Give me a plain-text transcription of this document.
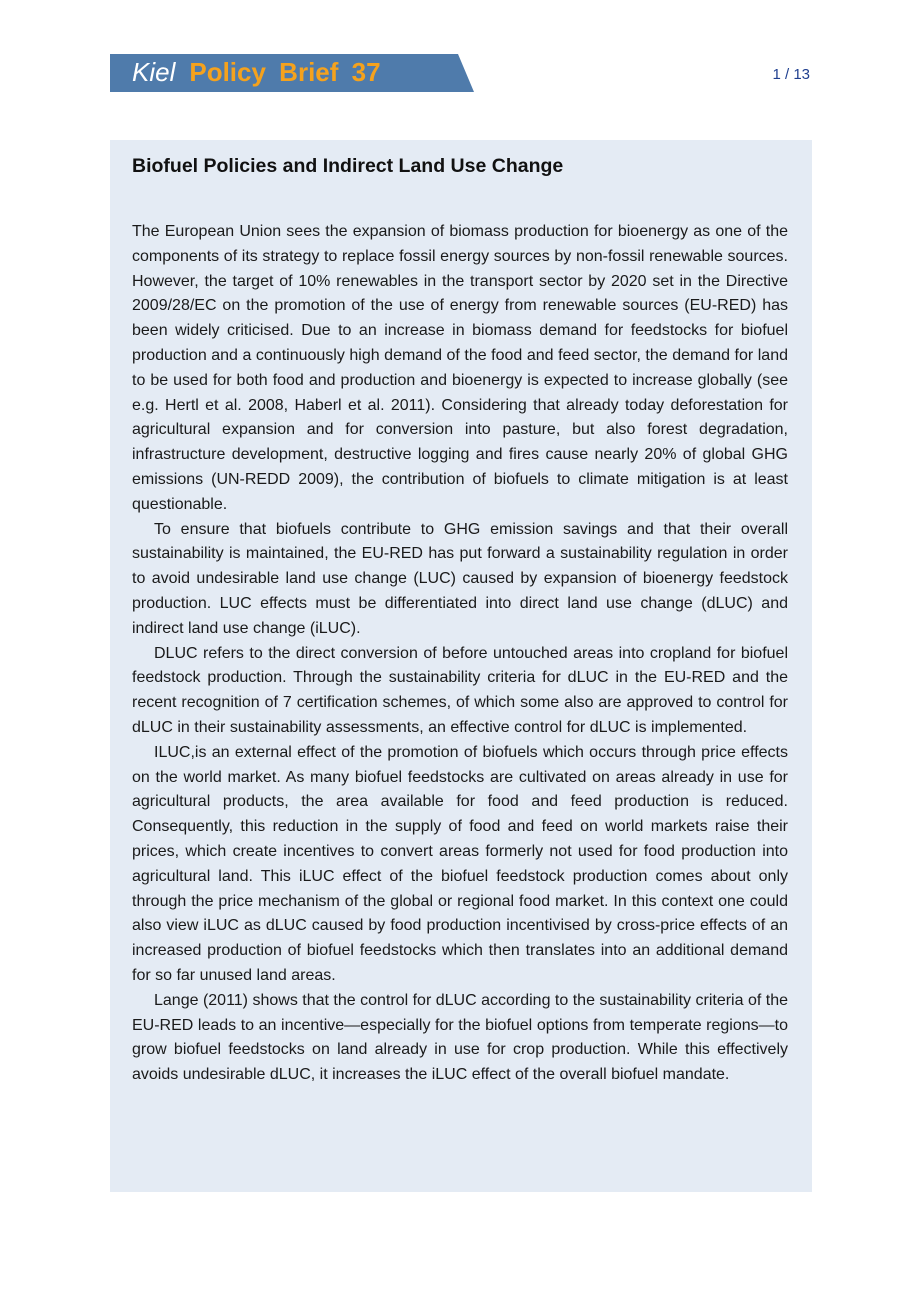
Kiel Policy Brief 37	1 / 13
Biofuel Policies and Indirect Land Use Change

The European Union sees the expansion of biomass production for bioenergy as one of the components of its strategy to replace fossil energy sources by non-fossil renewable sources. However, the target of 10% renewables in the transport sector by 2020 set in the Directive 2009/28/EC on the promotion of the use of energy from renewable sources (EU-RED) has been widely criticised. Due to an increase in biomass demand for feedstocks for biofuel production and a continuously high demand of the food and feed sector, the demand for land to be used for both food and production and bioenergy is expected to increase globally (see e.g. Hertl et al. 2008, Haberl et al. 2011). Considering that already today deforestation for agricultural expansion and for conversion into pasture, but also forest degradation, infrastructure development, destructive logging and fires cause nearly 20% of global GHG emissions (UN-REDD 2009), the contribution of biofuels to climate mitigation is at least questionable.

To ensure that biofuels contribute to GHG emission savings and that their overall sustainability is maintained, the EU-RED has put forward a sustainability regulation in order to avoid undesirable land use change (LUC) caused by expansion of bioenergy feedstock production. LUC effects must be differentiated into direct land use change (dLUC) and indirect land use change (iLUC).

DLUC refers to the direct conversion of before untouched areas into cropland for biofuel feedstock production. Through the sustainability criteria for dLUC in the EU-RED and the recent recognition of 7 certification schemes, of which some also are approved to control for dLUC in their sustainability assessments, an effective control for dLUC is implemented.

ILUC,is an external effect of the promotion of biofuels which occurs through price effects on the world market. As many biofuel feedstocks are cultivated on areas already in use for agricultural products, the area available for food and feed production is reduced. Consequently, this reduction in the supply of food and feed on world markets raise their prices, which create incentives to convert areas formerly not used for food production into agricultural land. This iLUC effect of the biofuel feedstock production comes about only through the price mechanism of the global or regional food market. In this context one could also view iLUC as dLUC caused by food production incentivised by cross-price effects of an increased production of biofuel feedstocks which then translates into an additional demand for so far unused land areas.

Lange (2011) shows that the control for dLUC according to the sustainability criteria of the EU-RED leads to an incentive—especially for the biofuel options from temperate regions—to grow biofuel feedstocks on land already in use for crop production. While this effectively avoids undesirable dLUC, it increases the iLUC effect of the overall biofuel mandate.
